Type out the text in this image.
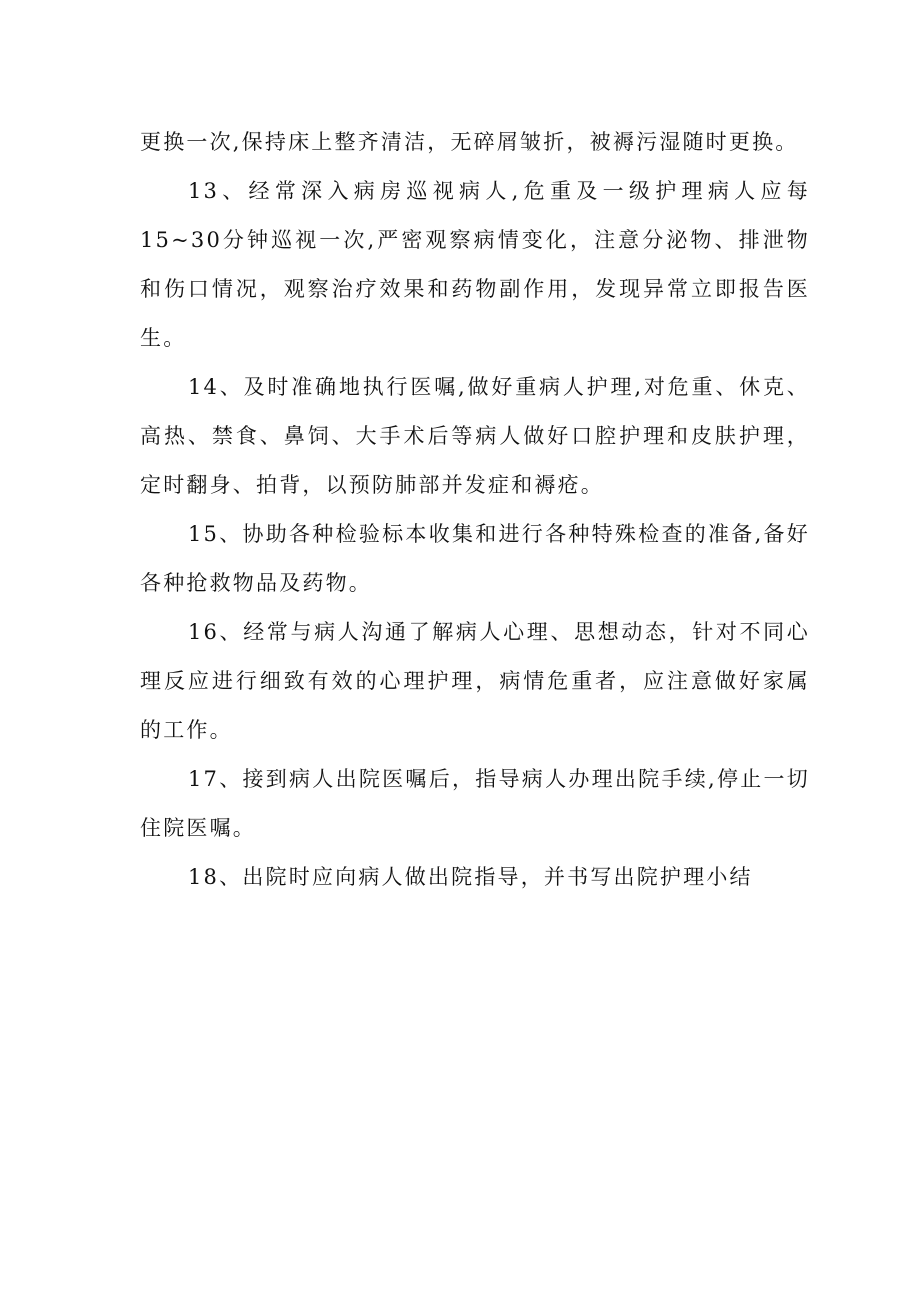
更换一次,保持床上整齐清洁，无碎屑皱折，被褥污湿随时更换。

13、经常深入病房巡视病人,危重及一级护理病人应每15~30分钟巡视一次,严密观察病情变化，注意分泌物、排泄物和伤口情况，观察治疗效果和药物副作用，发现异常立即报告医生。

14、及时准确地执行医嘱,做好重病人护理,对危重、休克、高热、禁食、鼻饲、大手术后等病人做好口腔护理和皮肤护理，定时翻身、拍背，以预防肺部并发症和褥疮。

15、协助各种检验标本收集和进行各种特殊检查的准备,备好各种抢救物品及药物。

16、经常与病人沟通了解病人心理、思想动态，针对不同心理反应进行细致有效的心理护理，病情危重者，应注意做好家属的工作。

17、接到病人出院医嘱后，指导病人办理出院手续,停止一切住院医嘱。

18、出院时应向病人做出院指导，并书写出院护理小结
